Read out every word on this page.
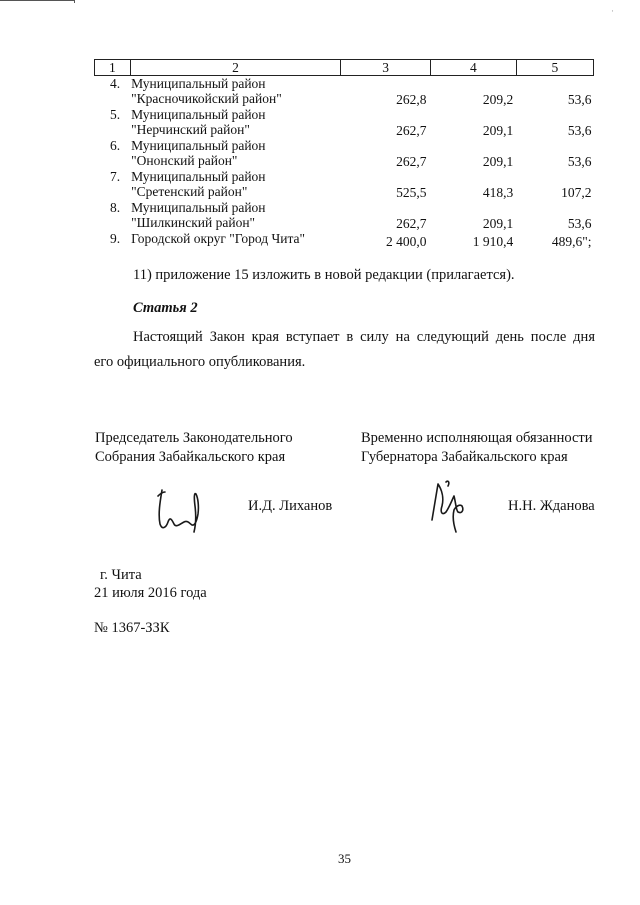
·
1	2	3	4	5
4.	Муниципальный район
"Красночикойский район"	262,8	209,2	53,6
5.	Муниципальный район
"Нерчинский район"	262,7	209,1	53,6
6.	Муниципальный район
"Ононский район"	262,7	209,1	53,6
7.	Муниципальный район
"Сретенский район"	525,5	418,3	107,2
8.	Муниципальный район
"Шилкинский район"	262,7	209,1	53,6
9.	Городской округ "Город Чита"	2 400,0	1 910,4	489,6";
11) приложение 15 изложить в новой редакции (прилагается).
Статья 2
Настоящий Закон края вступает в силу на следующий день после дня
его официального опубликования.
Председатель Законодательного
Собрания Забайкальского края
Временно исполняющая обязанности
Губернатора Забайкальского края
И.Д. Лиханов	Н.Н. Жданова
г. Чита
21 июля 2016 года
№ 1367-ЗЗК
35
